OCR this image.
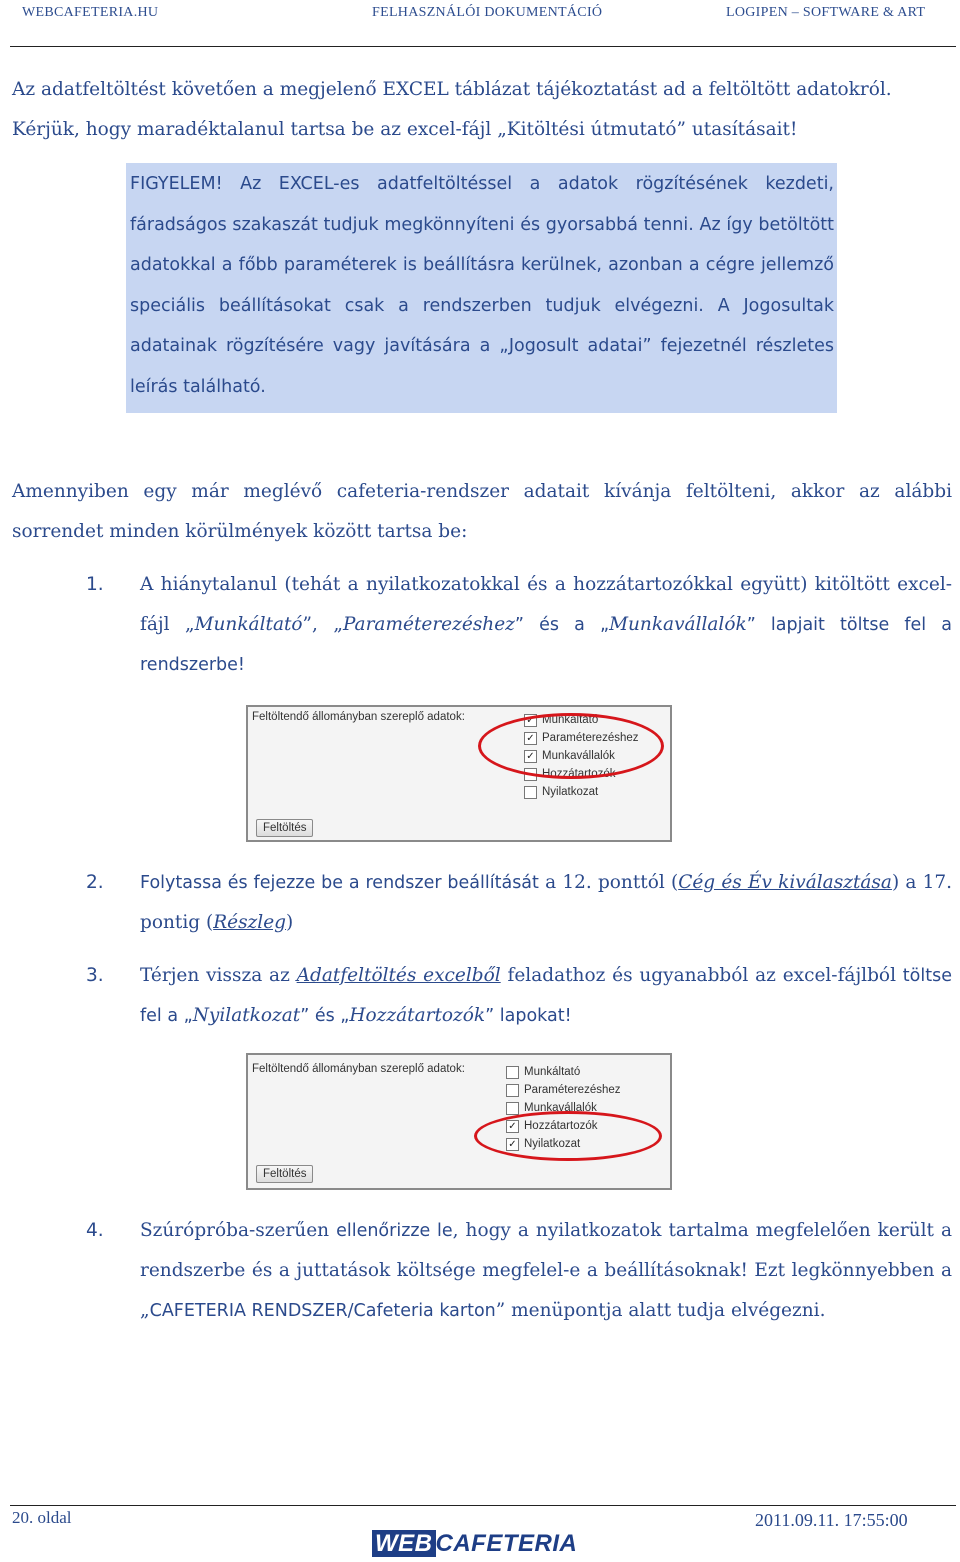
WEBCAFETERIA.HU	FELHASZNÁLÓI DOKUMENTÁCIÓ	LOGIPEN – SOFTWARE & ART
Az adatfeltöltést követően a megjelenő EXCEL táblázat tájékoztatást ad a feltöltött adatokról.
Kérjük, hogy maradéktalanul tartsa be az excel-fájl „Kitöltési útmutató” utasításait!
FIGYELEM! Az EXCEL-es adatfeltöltéssel a adatok rögzítésének kezdeti, fáradságos szakaszát tudjuk megkönnyíteni és gyorsabbá tenni. Az így betöltött adatokkal a főbb paraméterek is beállításra kerülnek, azonban a cégre jellemző speciális beállításokat csak a rendszerben tudjuk elvégezni. A Jogosultak adatainak rögzítésére vagy javítására a „Jogosult adatai” fejezetnél részletes leírás található.
Amennyiben egy már meglévő cafeteria-rendszer adatait kívánja feltölteni, akkor az alábbi sorrendet minden körülmények között tartsa be:
1. A hiánytalanul (tehát a nyilatkozatokkal és a hozzátartozókkal együtt) kitöltött excel-fájl „Munkáltató”, „Paraméterezéshez” és a „Munkavállalók” lapjait töltse fel a rendszerbe!
Feltöltendő állományban szereplő adatok:	✓ Munkáltató
✓ Paraméterezéshez
✓ Munkavállalók
Hozzátartozók
Nyilatkozat
Feltöltés
2. Folytassa és fejezze be a rendszer beállítását a 12. ponttól (Cég és Év kiválasztása) a 17. pontig (Részleg)
3. Térjen vissza az Adatfeltöltés excelből feladathoz és ugyanabból az excel-fájlból töltse fel a „Nyilatkozat” és „Hozzátartozók” lapokat!
Feltöltendő állományban szereplő adatok:	Munkáltató
Paraméterezéshez
Munkavállalók
✓ Hozzátartozók
✓ Nyilatkozat
Feltöltés
4. Szúrópróba-szerűen ellenőrizze le, hogy a nyilatkozatok tartalma megfelelően került a rendszerbe és a juttatások költsége megfelel-e a beállításoknak! Ezt legkönnyebben a „CAFETERIA RENDSZER/Cafeteria karton” menüpontja alatt tudja elvégezni.
20. oldal	2011.09.11. 17:55:00
WEB CAFETERIA
